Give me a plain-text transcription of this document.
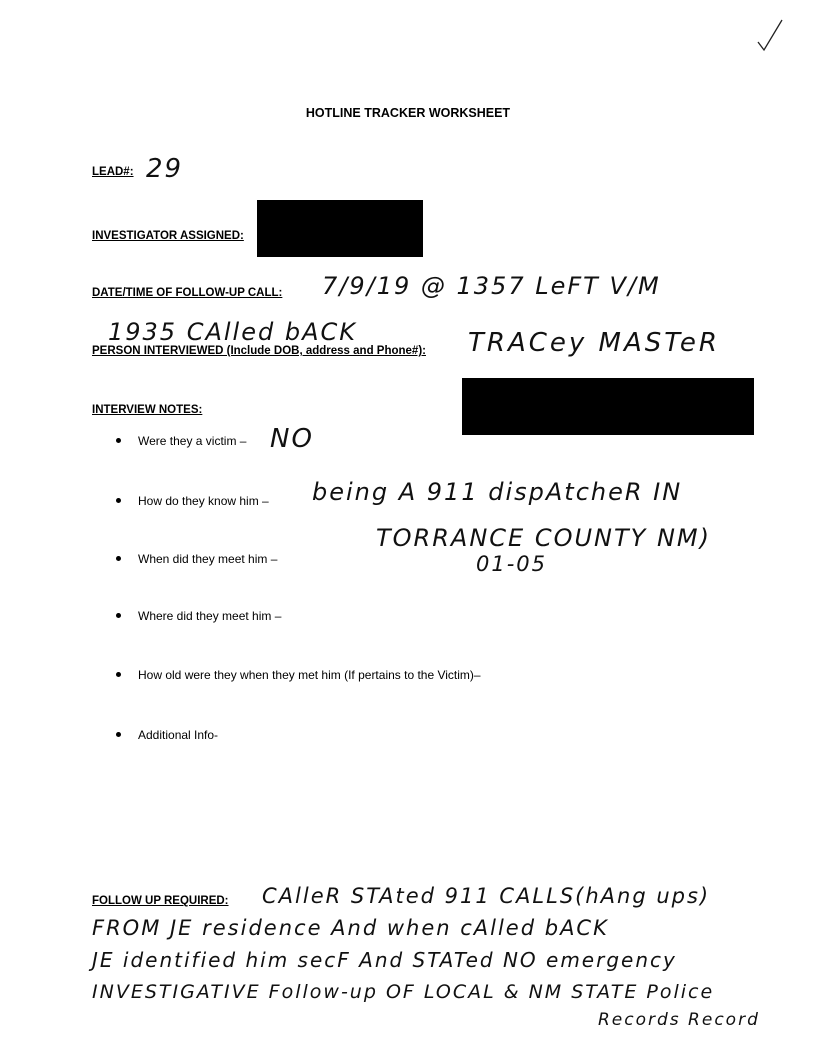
HOTLINE TRACKER WORKSHEET
LEAD#: 29
INVESTIGATOR ASSIGNED:
DATE/TIME OF FOLLOW-UP CALL: 7/9/19 @ 1357 LeFT V/M
1935 CAlled bACK
PERSON INTERVIEWED (Include DOB, address and Phone#): TRACey MASTeR
INTERVIEW NOTES:
Were they a victim – NO
How do they know him – being A 911 dispAtcheR IN
When did they meet him –
TORRANCE COUNTY NM)
01-05
Where did they meet him –
How old were they when they met him (If pertains to the Victim)–
Additional Info-
FOLLOW UP REQUIRED: CAlleR STAted 911 CALLS(hAng ups)
FROM JE residence And when cAlled bACK
JE identified him secF And STATed NO emergency
INVESTIGATIVE Follow-up OF LOCAL & NM STATE Police
Records Record
